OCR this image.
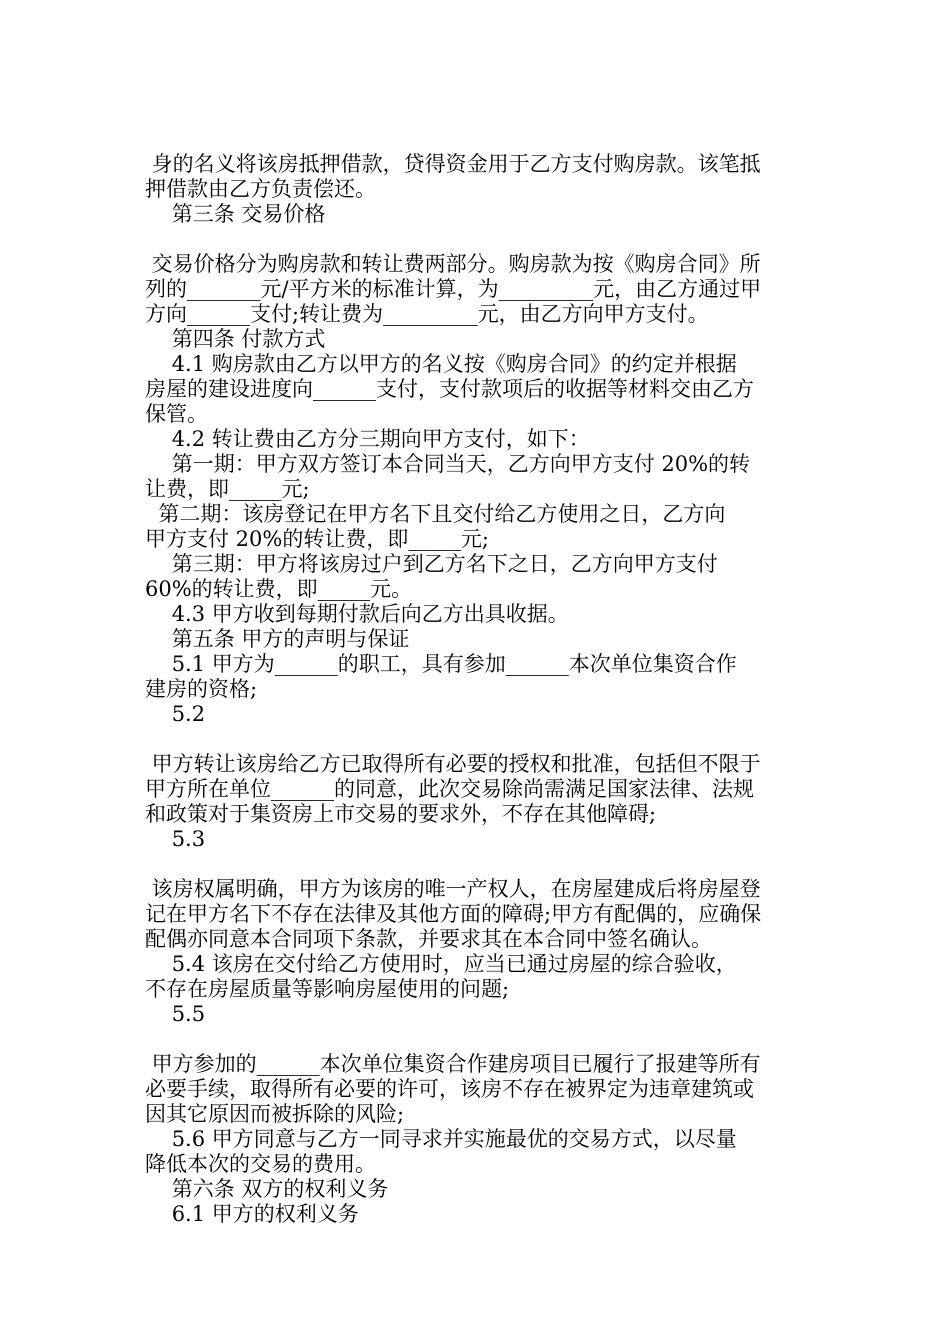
身的名义将该房抵押借款，贷得资金用于乙方支付购房款。该笔抵

押借款由乙方负责偿还。

第三条 交易价格

交易价格分为购房款和转让费两部分。购房款为按《购房合同》所

列的_______元/平方米的标准计算，为_________元，由乙方通过甲

方向______支付;转让费为_________元，由乙方向甲方支付。

第四条 付款方式

4.1 购房款由乙方以甲方的名义按《购房合同》的约定并根据

房屋的建设进度向______支付，支付款项后的收据等材料交由乙方

保管。

4.2 转让费由乙方分三期向甲方支付，如下：

第一期：甲方双方签订本合同当天，乙方向甲方支付 20%的转

让费，即_____元;

第二期：该房登记在甲方名下且交付给乙方使用之日，乙方向

甲方支付 20%的转让费，即_____元;

第三期：甲方将该房过户到乙方名下之日，乙方向甲方支付

60%的转让费，即_____元。

4.3 甲方收到每期付款后向乙方出具收据。

第五条 甲方的声明与保证

5.1 甲方为______的职工，具有参加______本次单位集资合作

建房的资格;

5.2

甲方转让该房给乙方已取得所有必要的授权和批准，包括但不限于

甲方所在单位______的同意，此次交易除尚需满足国家法律、法规

和政策对于集资房上市交易的要求外，不存在其他障碍;

5.3

该房权属明确，甲方为该房的唯一产权人，在房屋建成后将房屋登

记在甲方名下不存在法律及其他方面的障碍;甲方有配偶的，应确保

配偶亦同意本合同项下条款，并要求其在本合同中签名确认。

5.4 该房在交付给乙方使用时，应当已通过房屋的综合验收，

不存在房屋质量等影响房屋使用的问题;

5.5

甲方参加的______本次单位集资合作建房项目已履行了报建等所有

必要手续，取得所有必要的许可，该房不存在被界定为违章建筑或

因其它原因而被拆除的风险;

5.6 甲方同意与乙方一同寻求并实施最优的交易方式，以尽量

降低本次的交易的费用。

第六条 双方的权利义务

6.1 甲方的权利义务
